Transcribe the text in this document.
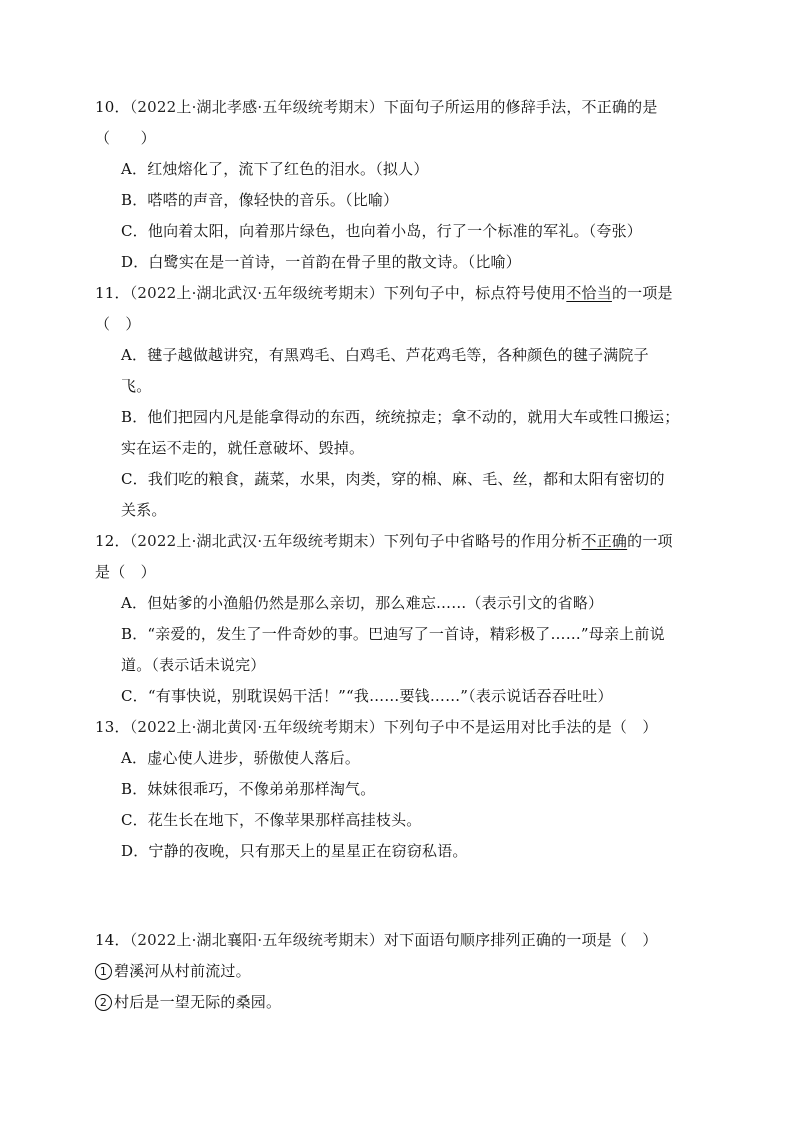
10．（2022上·湖北孝感·五年级统考期末）下面句子所运用的修辞手法，不正确的是
（　　）
A．红烛熔化了，流下了红色的泪水。（拟人）
B．嗒嗒的声音，像轻快的音乐。（比喻）
C．他向着太阳，向着那片绿色，也向着小岛，行了一个标准的军礼。（夸张）
D．白鹭实在是一首诗，一首韵在骨子里的散文诗。（比喻）
11．（2022上·湖北武汉·五年级统考期末）下列句子中，标点符号使用不恰当的一项是
（　）
A．毽子越做越讲究，有黑鸡毛、白鸡毛、芦花鸡毛等，各种颜色的毽子满院子
飞。
B．他们把园内凡是能拿得动的东西，统统掠走；拿不动的，就用大车或牲口搬运；
实在运不走的，就任意破坏、毁掉。
C．我们吃的粮食，蔬菜，水果，肉类，穿的棉、麻、毛、丝，都和太阳有密切的
关系。
12．（2022上·湖北武汉·五年级统考期末）下列句子中省略号的作用分析不正确的一项
是（　）
A．但姑爹的小渔船仍然是那么亲切，那么难忘……（表示引文的省略）
B．“亲爱的，发生了一件奇妙的事。巴迪写了一首诗，精彩极了……”母亲上前说
道。（表示话未说完）
C．“有事快说，别耽误妈干活！”“我……要钱……”（表示说话吞吞吐吐）
13．（2022上·湖北黄冈·五年级统考期末）下列句子中不是运用对比手法的是（　）
A．虚心使人进步，骄傲使人落后。
B．妹妹很乖巧，不像弟弟那样淘气。
C．花生长在地下，不像苹果那样高挂枝头。
D．宁静的夜晚，只有那天上的星星正在窃窃私语。
14．（2022上·湖北襄阳·五年级统考期末）对下面语句顺序排列正确的一项是（　）
1 碧溪河从村前流过。
2 村后是一望无际的桑园。
